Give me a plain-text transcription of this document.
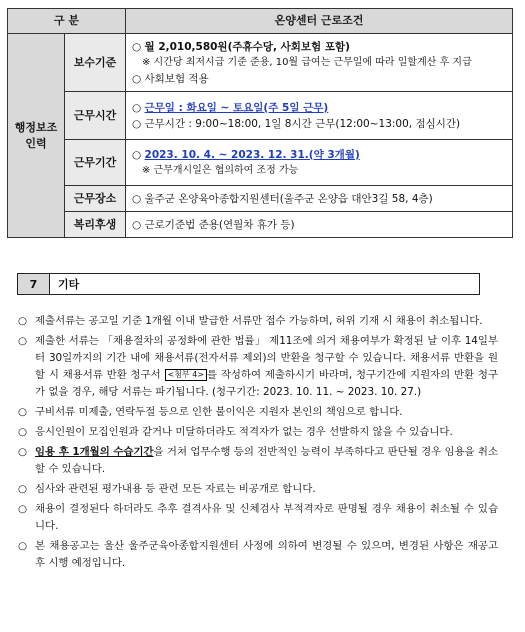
구 분		온양센터 근로조건
행정보조 인력	보수기준	○ 월 2,010,580원(주휴수당, 사회보험 포함)
※ 시간당 최저시급 기준 준용, 10월 급여는 근무일에 따라 일할계산 후 지급
○ 사회보험 적용

	근무시간	○ 근무일 : 화요일 ~ 토요일(주 5일 근무)
○ 근무시간 : 9:00~18:00, 1일 8시간 근무(12:00~13:00, 점심시간)

	근무기간	○ 2023. 10. 4. ~ 2023. 12. 31.(약 3개월)
※ 근무개시일은 협의하여 조정 가능

	근무장소	○ 울주군 온양육아종합지원센터(울주군 온양읍 대안3길 58, 4층)

	복리후생	○ 근로기준법 준용(연월차 휴가 등)
7	기타
○ 제출서류는 공고일 기준 1개월 이내 발급한 서류만 접수 가능하며, 허위 기재 시 채용이 취소됩니다.
○ 제출한 서류는 「채용절차의 공정화에 관한 법률」 제11조에 의거 채용여부가 확정된 날 이후 14일부터 30일까지의 기간 내에 채용서류(전자서류 제외)의 반환을 청구할 수 있습니다. 채용서류 반환을 원할 시 채용서류 반환 청구서 <첨부 4> 를 작성하여 제출하시기 바라며, 청구기간에 지원자의 반환 청구가 없을 경우, 해당 서류는 파기됩니다. (청구기간: 2023. 10. 11. ~ 2023. 10. 27.)
○ 구비서류 미제출, 연락두절 등으로 인한 불이익은 지원자 본인의 책임으로 합니다.
○ 응시인원이 모집인원과 같거나 미달하더라도 적격자가 없는 경우 선발하지 않을 수 있습니다.
○ 임용 후 1개월의 수습기간을 거쳐 업무수행 등의 전반적인 능력이 부족하다고 판단될 경우 임용을 취소할 수 있습니다.
○ 심사와 관련된 평가내용 등 관련 모든 자료는 비공개로 합니다.
○ 채용이 결정된다 하더라도 추후 결격사유 및 신체검사 부적격자로 판명될 경우 채용이 취소될 수 있습니다.
○ 본 채용공고는 울산 울주군육아종합지원센터 사정에 의하여 변경될 수 있으며, 변경된 사항은 재공고 후 시행 예정입니다.
